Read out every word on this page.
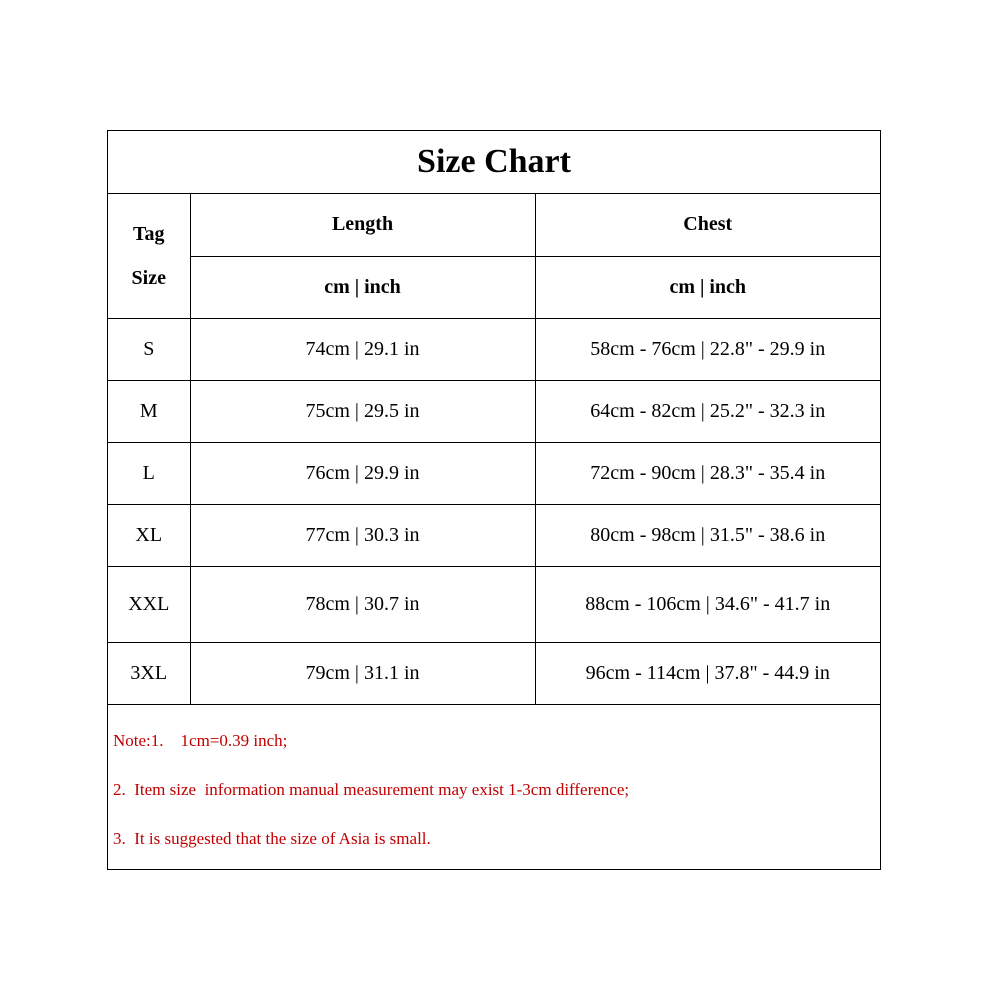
Size Chart
Tag
Size	Length	Chest
	cm | inch	cm | inch
S	74cm | 29.1 in	58cm - 76cm | 22.8" - 29.9 in
M	75cm | 29.5 in	64cm - 82cm | 25.2" - 32.3 in
L	76cm | 29.9 in	72cm - 90cm | 28.3" - 35.4 in
XL	77cm | 30.3 in	80cm - 98cm | 31.5" - 38.6 in
XXL	78cm | 30.7 in	88cm - 106cm | 34.6" - 41.7 in
3XL	79cm | 31.1 in	96cm - 114cm | 37.8" - 44.9 in
Note:1.    1cm=0.39 inch;
2.  Item size  information manual measurement may exist 1-3cm difference;
3.  It is suggested that the size of Asia is small.
